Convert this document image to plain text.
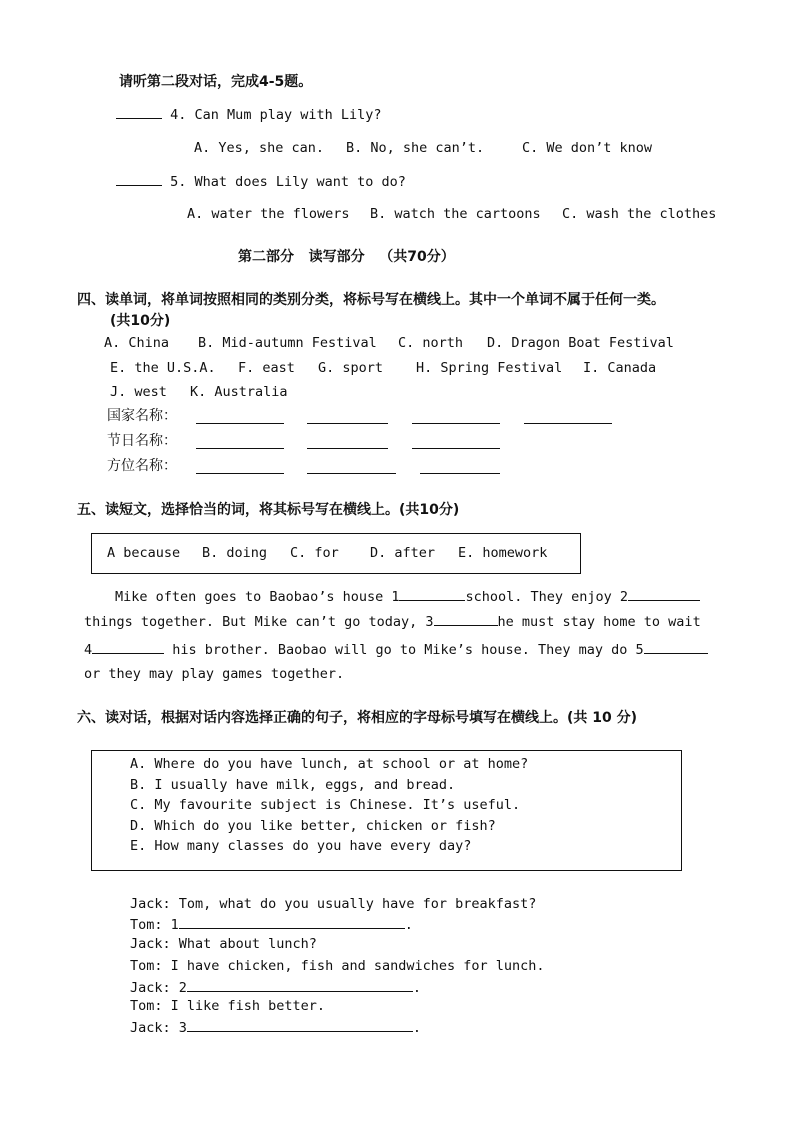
请听第二段对话，完成4-5题。
4. Can Mum play with Lily?
A. Yes, she can. B. No, she can’t.	C. We don’t know
5. What does Lily want to do?
A. water the flowers B. watch the cartoons C. wash the clothes
第二部分   读写部分   （共70分）
四、读单词，将单词按照相同的类别分类，将标号写在横线上。其中一个单词不属于任何一类。
(共10分)
A. China B. Mid-autumn Festival C. north D. Dragon Boat Festival
E. the U.S.A. F. east G. sport H. Spring Festival I. Canada
J. west K. Australia
国家名称：
节日名称：
方位名称：
五、读短文，选择恰当的词，将其标号写在横线上。(共10分)
A because B. doing C. for D. after E. homework
Mike often goes to Baobao’s house 1	school. They enjoy 2
things together. But Mike can’t go today, 3	he must stay home to wait
4	his brother. Baobao will go to Mike’s house. They may do 5
or they may play games together.
六、读对话，根据对话内容选择正确的句子，将相应的字母标号填写在横线上。(共 10 分)
A. Where do you have lunch, at school or at home?
B. I usually have milk, eggs, and bread.
C. My favourite subject is Chinese. It’s useful.
D. Which do you like better, chicken or fish?
E. How many classes do you have every day?
Jack: Tom, what do you usually have for breakfast?
Tom: 1	.
Jack: What about lunch?
Tom: I have chicken, fish and sandwiches for lunch.
Jack: 2	.
Tom: I like fish better.
Jack: 3	.
